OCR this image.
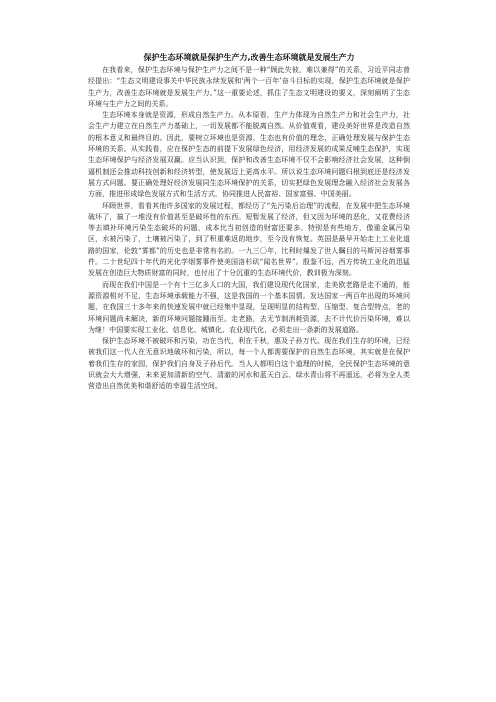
保护生态环境就是保护生产力,改善生态环境就是发展生产力

在我看来，保护生态环境与保护生产力之间不是一种“顾此失彼，难以兼得”的关系，习近平同志曾经提出：“生态文明建设事关中华民族永续发展和‘两个一百年’奋斗目标的实现，保护生态环境就是保护生产力，改善生态环境就是发展生产力。”这一重要论述，抓住了生态文明建设的要义，深刻阐明了生态环境与生产力之间的关系。

生态环境本身就是资源，形成自然生产力。从本原看，生产力体现为自然生产力和社会生产力，社会生产力建立在自然生产力基础上，一切发展都不能脱离自然。从价值观看，建设美好世界是改造自然的根本意义和最终目的。因此，要树立环境也是资源、生态也有价值的理念，正确处理发展与保护生态环境的关系。从实践看，应在保护生态的前提下发展绿色经济，用经济发展的成果反哺生态保护，实现生态环境保护与经济发展双赢。应当认识到，保护和改善生态环境不仅不会影响经济社会发展，这种倒逼机制还会推动科技创新和经济转型，使发展迈上更高水平。所以说生态环境问题归根到底还是经济发展方式问题。要正确处理好经济发展同生态环境保护的关系，切实把绿色发展理念融入经济社会发展各方面，推进形成绿色发展方式和生活方式，协同推进人民富裕、国家富强、中国美丽。

环顾世界，看看其他许多国家的发展过程，都经历了“先污染后治理”的流程，在发展中把生态环境破坏了，搞了一堆没有价值甚至是破坏性的东西。短暂发展了经济，但又因为环境的恶化，又花费经济等去填补环境污染生态破坏的问题，成本比当初创造的财富还要多。特别是有些地方，像重金属污染区，水被污染了，土壤被污染了，到了积重难返的地步，至今没有恢复。英国是最早开始走上工业化道路的国家，伦敦“雾都”的历史也是非常有名的。一九三〇年，比利时爆发了世人瞩目的马斯河谷烟雾事件。二十世纪四十年代的光化学烟雾事件使美国洛杉矶“闻名世界”。殷鉴不远，西方传统工业化的迅猛发展在创造巨大物质财富的同时，也付出了十分沉重的生态环境代价，教训极为深刻。

而现在我们中国是一个有十三亿多人口的大国，我们建设现代化国家，走美欧老路是走不通的，能源资源相对不足、生态环境承载能力不强，这是我国的一个基本国情。发达国家一两百年出现的环境问题，在我国三十多年来的快速发展中就已经集中显现，呈现明显的结构型、压缩型、复合型特点，老的环境问题尚未解决，新的环境问题接踵而至。走老路，去无节制消耗资源，去不计代价污染环境，难以为继！中国要实现工业化、信息化、城镇化、农业现代化，必须走出一条新的发展道路。

保护生态环境不被破坏和污染，功在当代，利在千秋，惠及子孙万代。现在我们生存的环境，已经被我们这一代人在无意识地破坏和污染，所以，每一个人都需要保护的自然生态环境，其实就是在保护着我们生存的家园，保护我们自身及子孙后代。当人人都明白这个道理的时候，全民保护生态环境的意识就会大大增强，未来更加清新的空气、清澈的河水和蓝天白云、绿水青山将不再遥远，必将为全人类营造出自然优美和谐舒适的幸福生活空间。
